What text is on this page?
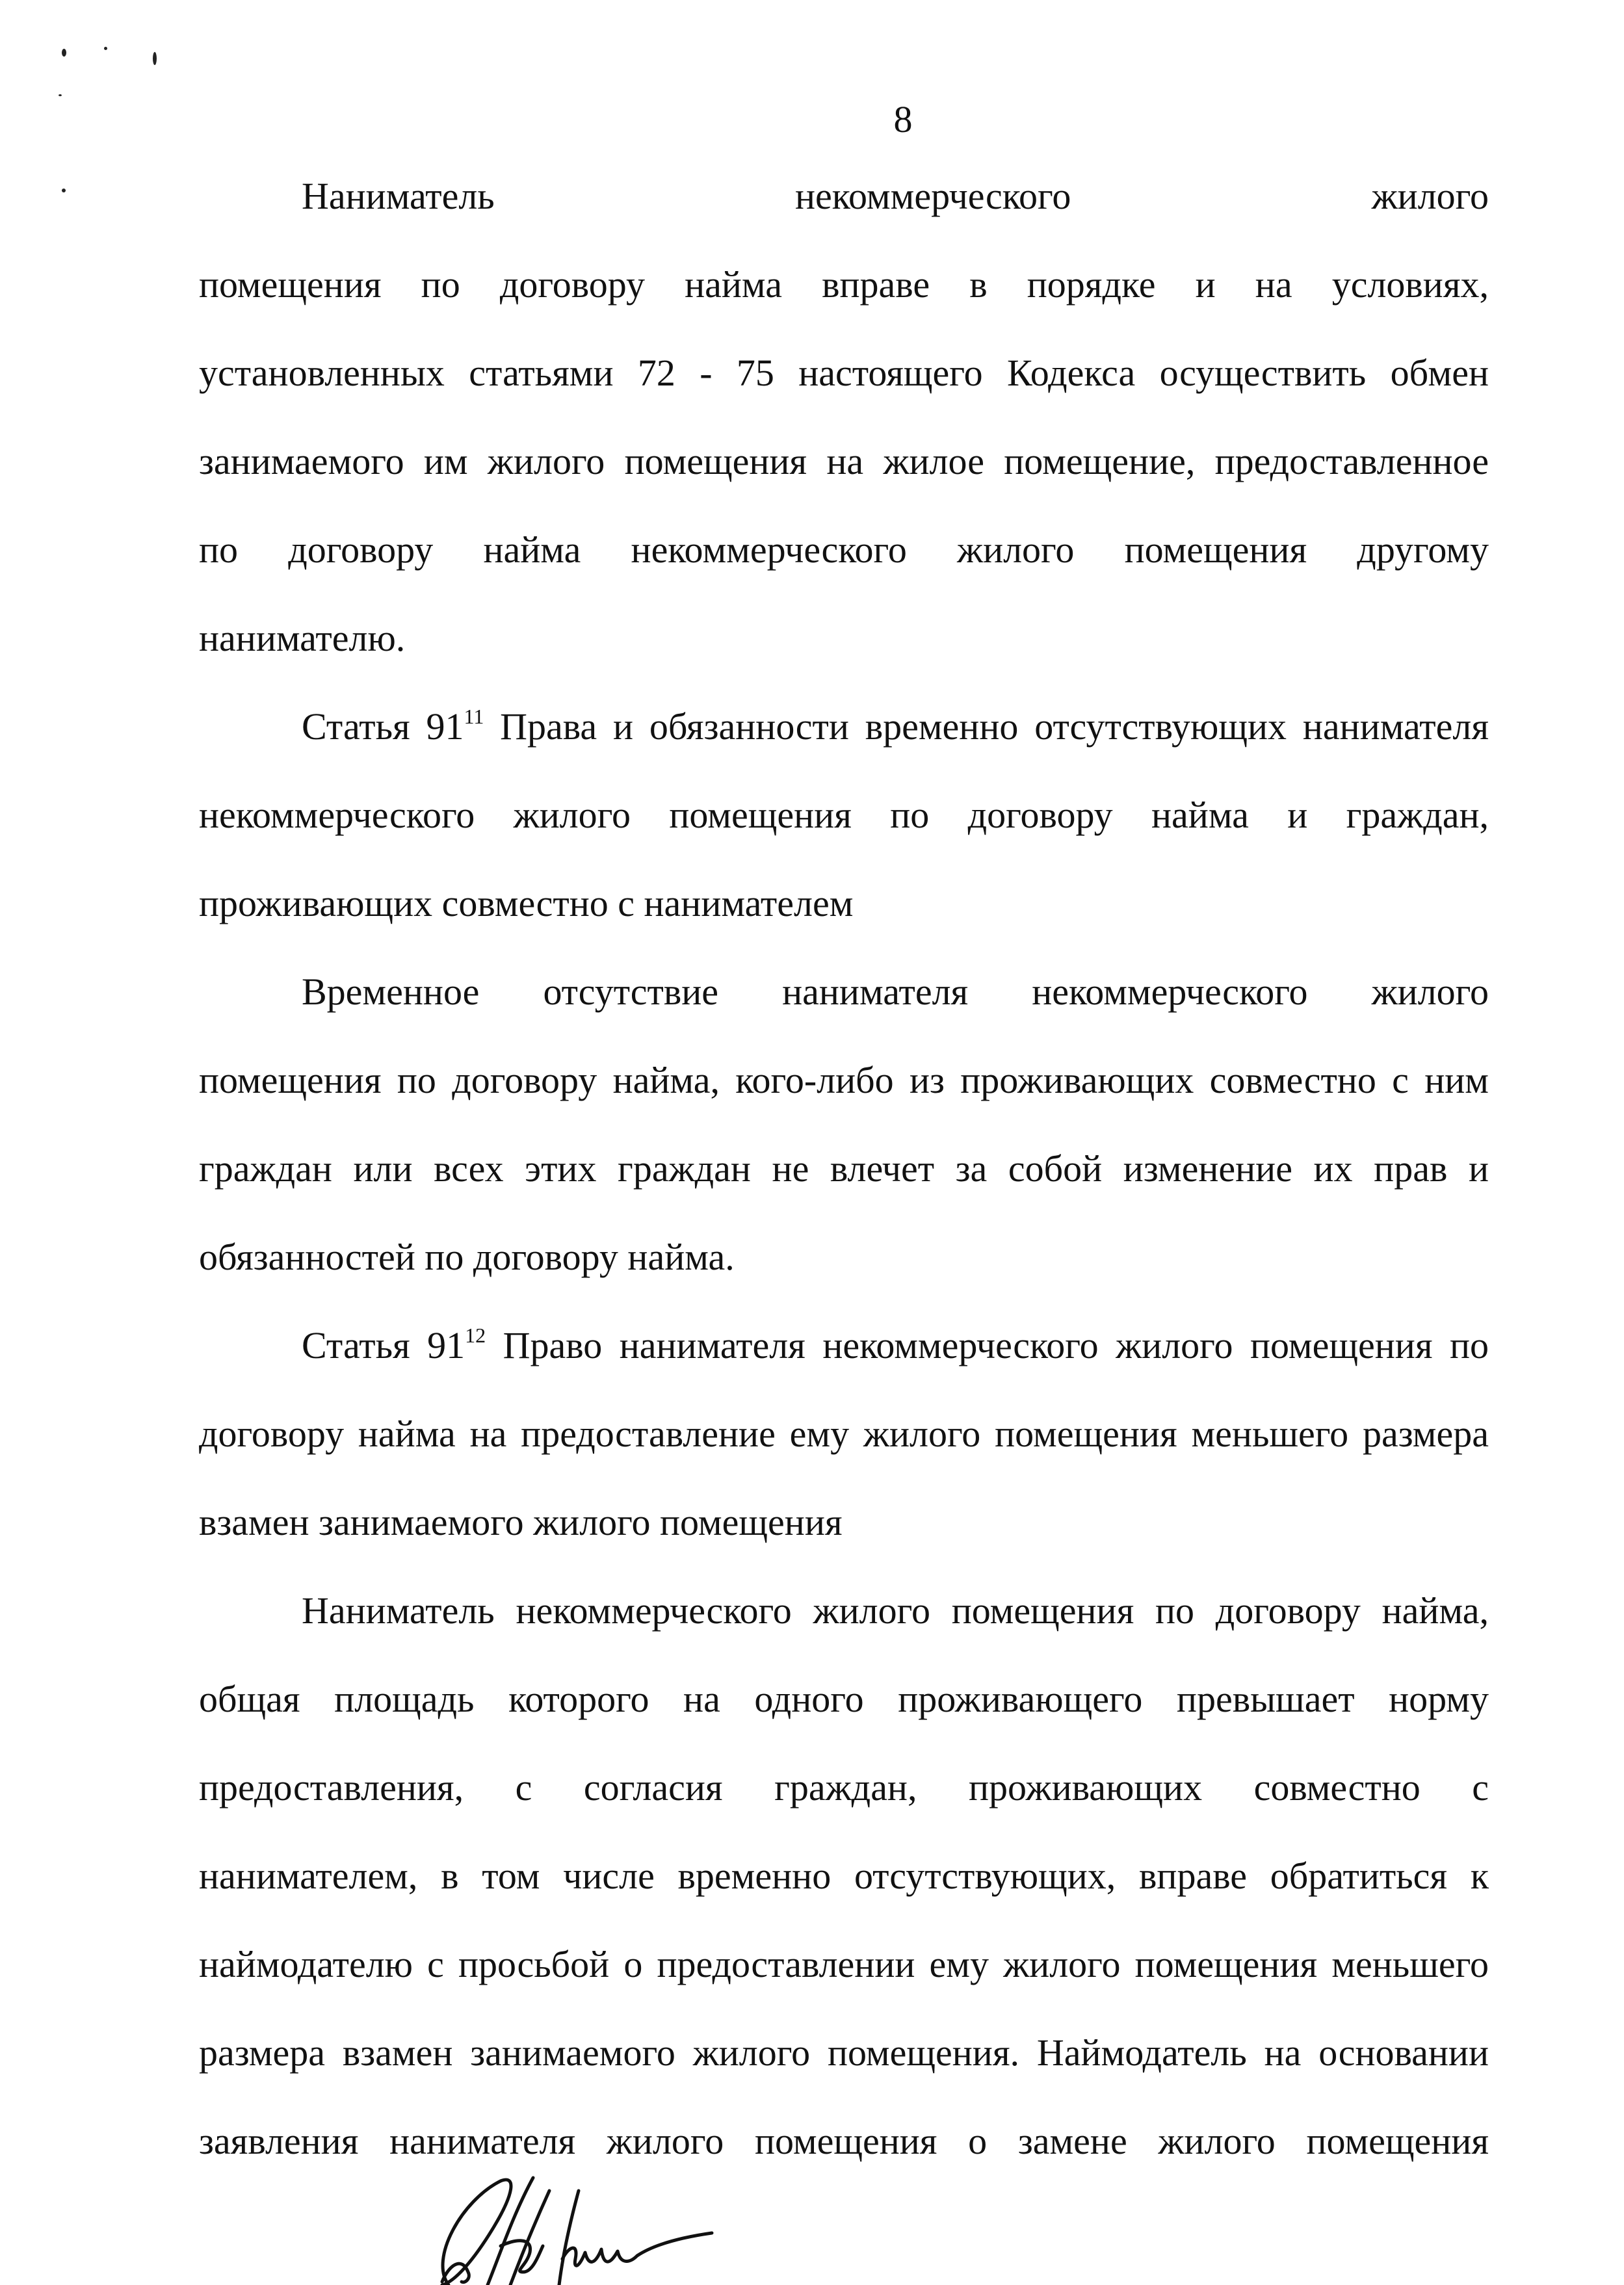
8
Наниматель некоммерческого жилого
помещения по договору найма вправе в порядке и на условиях,
установленных статьями 72 - 75 настоящего Кодекса осуществить обмен
занимаемого им жилого помещения на жилое помещение, предоставленное
по договору найма некоммерческого жилого помещения другому
нанимателю.
Статья $91^{11}$ Права и обязанности временно отсутствующих нанимателя
некоммерческого жилого помещения по договору найма и граждан,
проживающих совместно с нанимателем
Временное отсутствие нанимателя некоммерческого жилого
помещения по договору найма, кого-либо из проживающих совместно с ним
граждан или всех этих граждан не влечет за собой изменение их прав и
обязанностей по договору найма.
Статья $91^{12}$ Право нанимателя некоммерческого жилого помещения по
договору найма на предоставление ему жилого помещения меньшего размера
взамен занимаемого жилого помещения
Наниматель некоммерческого жилого помещения по договору найма,
общая площадь которого на одного проживающего превышает норму
предоставления, с согласия граждан, проживающих совместно с
нанимателем, в том числе временно отсутствующих, вправе обратиться к
наймодателю с просьбой о предоставлении ему жилого помещения меньшего
размера взамен занимаемого жилого помещения. Наймодатель на основании
заявления нанимателя жилого помещения о замене жилого помещения
